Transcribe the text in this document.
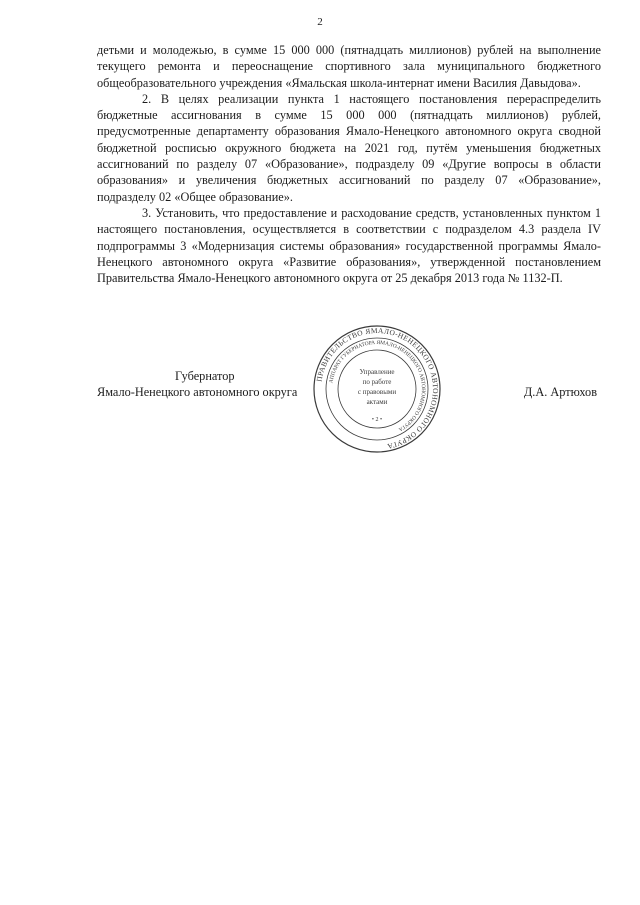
2

детьми и молодежью, в сумме 15 000 000 (пятнадцать миллионов) рублей на выполнение текущего ремонта и переоснащение спортивного зала муниципального бюджетного общеобразовательного учреждения «Ямальская школа-интернат имени Василия Давыдова».

2. В целях реализации пункта 1 настоящего постановления перераспределить бюджетные ассигнования в сумме 15 000 000 (пятнадцать миллионов) рублей, предусмотренные департаменту образования Ямало-Ненецкого автономного округа сводной бюджетной росписью окружного бюджета на 2021 год, путём уменьшения бюджетных ассигнований по разделу 07 «Образование», подразделу 09 «Другие вопросы в области образования» и увеличения бюджетных ассигнований по разделу 07 «Образование», подразделу 02 «Общее образование».

3. Установить, что предоставление и расходование средств, установленных пунктом 1 настоящего постановления, осуществляется в соответствии с подразделом 4.3 раздела IV подпрограммы 3 «Модернизация системы образования» государственной программы Ямало-Ненецкого автономного округа «Развитие образования», утвержденной постановлением Правительства Ямало-Ненецкого автономного округа от 25 декабря 2013 года № 1132-П.

Губернатор
Ямало-Ненецкого автономного округа	Д.А. Артюхов
ПРАВИТЕЛЬСТВО ЯМАЛО-НЕНЕЦКОГО АВТОНОМНОГО ОКРУГА
АППАРАТ ГУБЕРНАТОРА ЯМАЛО-НЕНЕЦКОГО АВТОНОМНОГО ОКРУГА
Управление
по работе
с правовыми
актами
• 2 •
